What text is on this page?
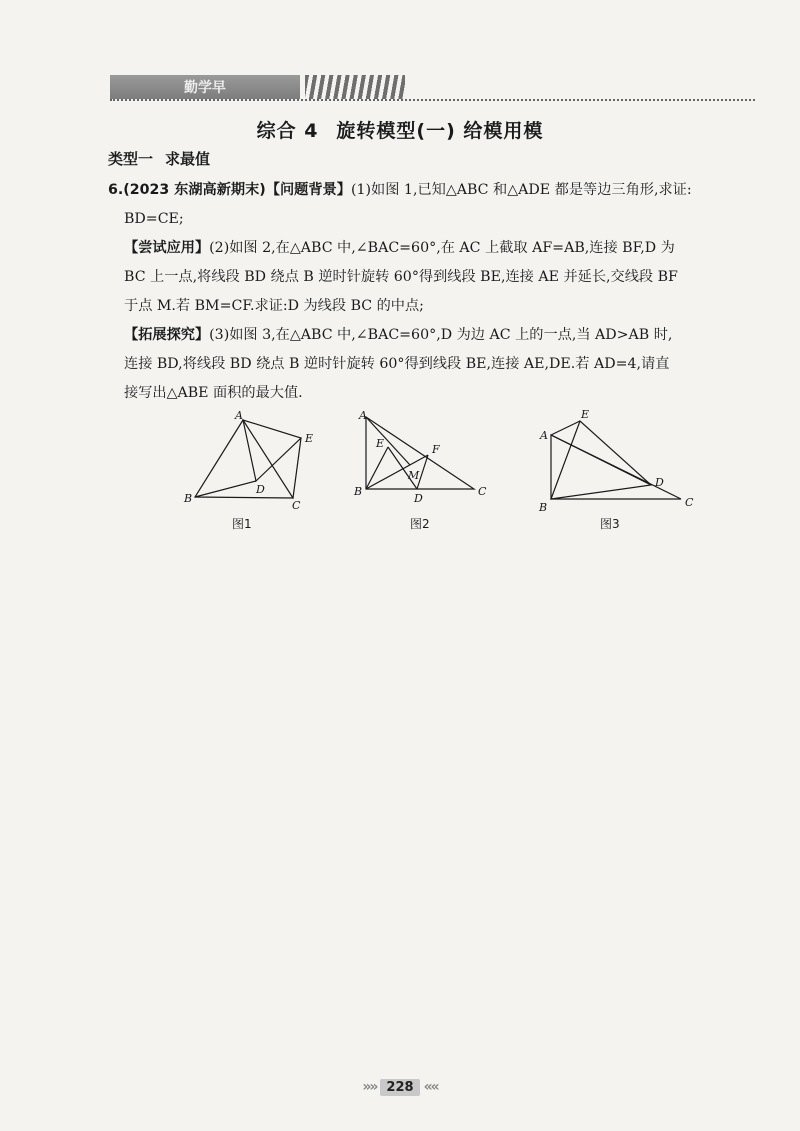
勤学早
综合 4 旋转模型(一) 给模用模
类型一 求最值

6.(2023 东湖高新期末)【问题背景】(1)如图 1,已知△ABC 和△ADE 都是等边三角形,求证:

BD=CE;

【尝试应用】(2)如图 2,在△ABC 中,∠BAC=60°,在 AC 上截取 AF=AB,连接 BF,D 为

BC 上一点,将线段 BD 绕点 B 逆时针旋转 60°得到线段 BE,连接 AE 并延长,交线段 BF

于点 M.若 BM=CF.求证:D 为线段 BC 的中点;

【拓展探究】(3)如图 3,在△ABC 中,∠BAC=60°,D 为边 AC 上的一点,当 AD>AB 时,

连接 BD,将线段 BD 绕点 B 逆时针旋转 60°得到线段 BE,连接 AE,DE.若 AD=4,请直

接写出△ABE 面积的最大值.

A
B
C
D
E
图1
A
B	C
D
E	F
M
图2
A
B	C
D
E
图3
»» 228 ««
